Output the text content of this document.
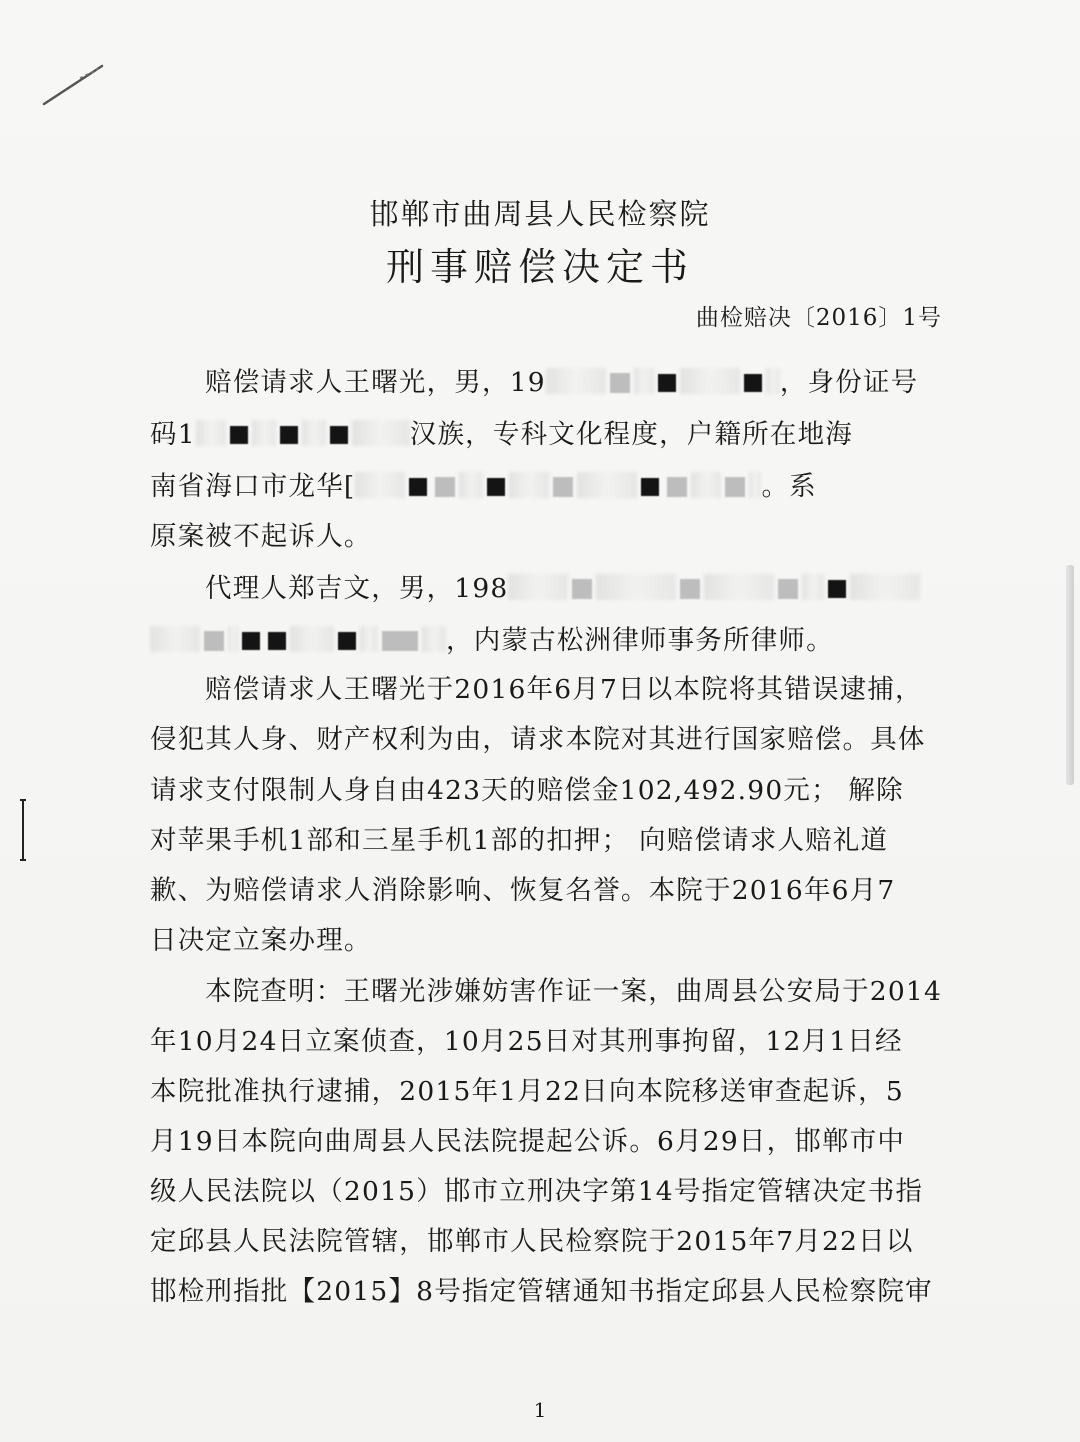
邯郸市曲周县人民检察院
刑事赔偿决定书
曲检赔决〔2016〕1号
赔偿请求人王曙光，男，19	，身份证号
码1	汉族，专科文化程度，户籍所在地海
南省海口市龙华[	。系
原案被不起诉人。
代理人郑吉文，男，198
，内蒙古松洲律师事务所律师。
赔偿请求人王曙光于2016年6月7日以本院将其错误逮捕，
侵犯其人身、财产权利为由，请求本院对其进行国家赔偿。具体
请求支付限制人身自由423天的赔偿金102,492.90元； 解除
对苹果手机1部和三星手机1部的扣押； 向赔偿请求人赔礼道
歉、为赔偿请求人消除影响、恢复名誉。本院于2016年6月7
日决定立案办理。
本院查明：王曙光涉嫌妨害作证一案，曲周县公安局于2014
年10月24日立案侦查，10月25日对其刑事拘留，12月1日经
本院批准执行逮捕，2015年1月22日向本院移送审查起诉，5
月19日本院向曲周县人民法院提起公诉。6月29日，邯郸市中
级人民法院以（2015）邯市立刑决字第14号指定管辖决定书指
定邱县人民法院管辖，邯郸市人民检察院于2015年7月22日以
邯检刑指批【2015】8号指定管辖通知书指定邱县人民检察院审
1
